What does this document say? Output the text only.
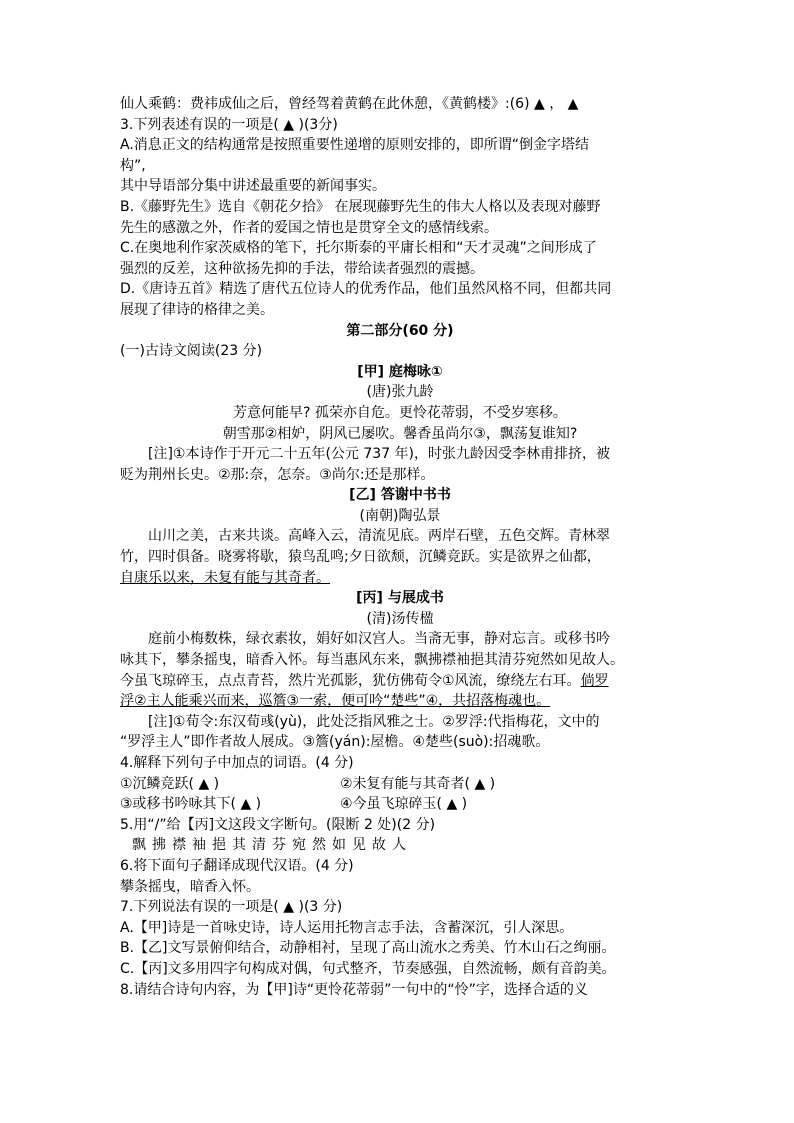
仙人乘鹤：费祎成仙之后，曾经驾着黄鹤在此休憩，《黄鹤楼》:(6) ▲ ， ▲
3.下列表述有误的一项是( ▲ )(3分)
A.消息正文的结构通常是按照重要性递增的原则安排的，即所谓“倒金字塔结
构”,
其中导语部分集中讲述最重要的新闻事实。
B.《藤野先生》选自《朝花夕拾》 在展现藤野先生的伟大人格以及表现对藤野
先生的感激之外，作者的爱国之情也是贯穿全文的感情线索。
C.在奥地利作家茨威格的笔下，托尔斯泰的平庸长相和“天才灵魂”之间形成了
强烈的反差，这种欲扬先抑的手法，带给读者强烈的震撼。
D.《唐诗五首》精选了唐代五位诗人的优秀作品，他们虽然风格不同，但都共同
展现了律诗的格律之美。
第二部分(60 分)
(一)古诗文阅读(23 分)
[甲] 庭梅咏①
(唐)张九龄
芳意何能早? 孤荣亦自危。更怜花蒂弱，不受岁寒移。
朝雪那②相妒，阴风已屡吹。馨香虽尚尔③，飘荡复谁知?
[注]①本诗作于开元二十五年(公元 737 年)，时张九龄因受李林甫排挤，被
贬为荆州长史。②那:奈，怎奈。③尚尔:还是那样。
[乙] 答谢中书书
(南朝)陶弘景
山川之美，古来共谈。高峰入云，清流见底。两岸石壁，五色交辉。青林翠
竹，四时俱备。晓雾将歇，猿鸟乱鸣;夕日欲颓，沉鳞竞跃。实是欲界之仙都，
自康乐以来，未复有能与其奇者。
[丙] 与展成书
(清)汤传楹
庭前小梅数株，绿衣素妆，娟好如汉宫人。当斋无事，静对忘言。或移书吟
咏其下，攀条摇曳，暗香入怀。每当惠风东来，飘拂襟袖挹其清芬宛然如见故人。
今虽飞琼碎玉，点点青苔，然片光孤影，犹仿佛荀令①风流，缭绕左右耳。倘罗
浮②主人能乘兴而来，巡簷③一索，便可吟“楚些”④，共招落梅魂也。
[注]①荀令:东汉荀彧(yù)，此处泛指风雅之士。②罗浮:代指梅花，文中的
“罗浮主人”即作者故人展成。③簷(yán):屋檐。④楚些(suò):招魂歌。
4.解释下列句子中加点的词语。(4 分)
①沉鳞竞跃( ▲ )	②未复有能与其奇者( ▲ )
③或移书吟咏其下( ▲ )	④今虽飞琼碎玉( ▲ )
5.用“/”给【丙]文这段文字断句。(限断 2 处)(2 分)
飘拂襟袖挹其清芬宛然如见故人
6.将下面句子翻译成现代汉语。(4 分)
攀条摇曳，暗香入怀。
7.下列说法有误的一项是( ▲ )(3 分)
A.【甲]诗是一首咏史诗，诗人运用托物言志手法，含蓄深沉，引人深思。
B.【乙]文写景俯仰结合，动静相衬，呈现了高山流水之秀美、竹木山石之绚丽。
C.【丙]文多用四字句构成对偶，句式整齐，节奏感强，自然流畅，颇有音韵美。
8.请结合诗句内容，为【甲]诗“更怜花蒂弱”一句中的“怜”字，选择合适的义
